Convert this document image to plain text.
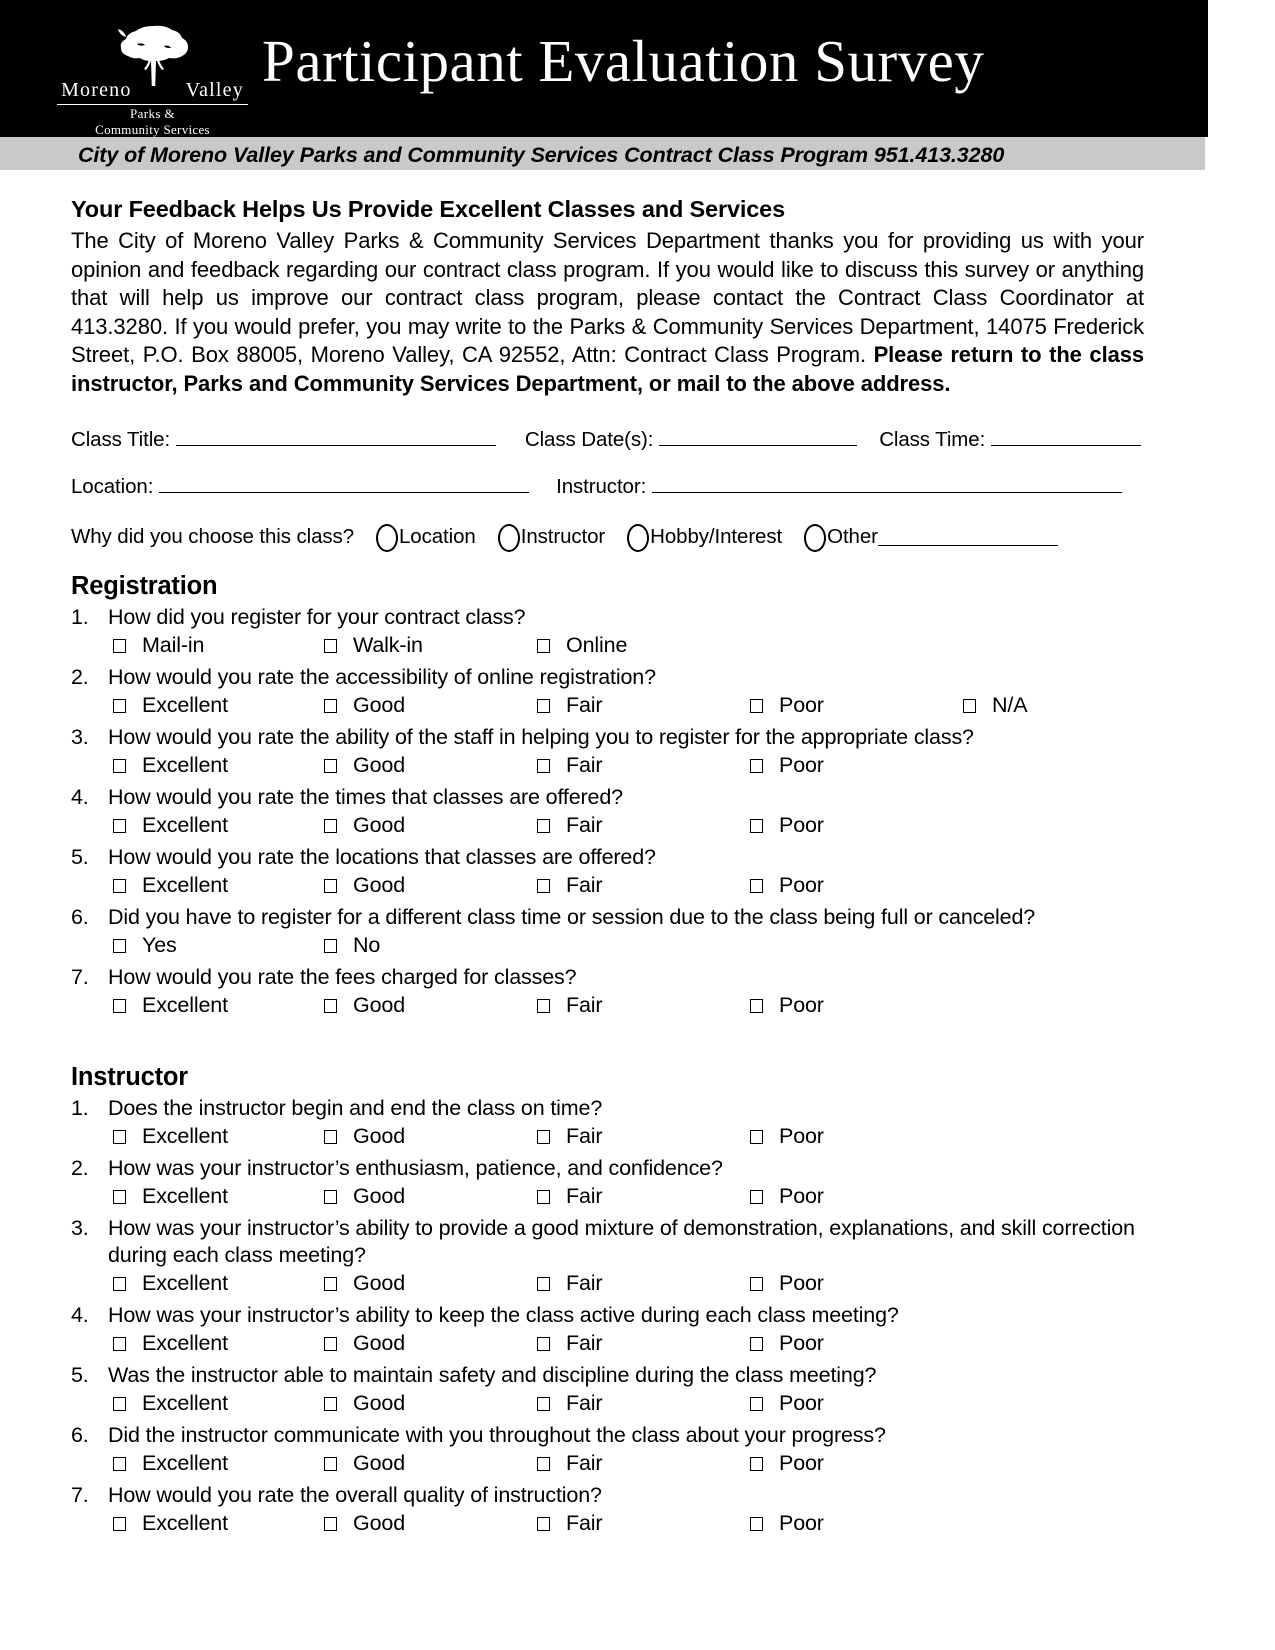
Moreno	Valley
Parks &
Community Services
Participant Evaluation Survey
City of Moreno Valley Parks and Community Services Contract Class Program 951.413.3280
Your Feedback Helps Us Provide Excellent Classes and Services

The City of Moreno Valley Parks & Community Services Department thanks you for providing us with your opinion and feedback regarding our contract class program. If you would like to discuss this survey or anything that will help us improve our contract class program, please contact the Contract Class Coordinator at 413.3280. If you would prefer, you may write to the Parks & Community Services Department, 14075 Frederick Street, P.O. Box 88005, Moreno Valley, CA 92552, Attn: Contract Class Program. Please return to the class instructor, Parks and Community Services Department, or mail to the above address.

Class Title:	Class Date(s):	Class Time:
Location:	Instructor:
Why did you choose this class? Location Instructor Hobby/Interest Other
Registration
1. How did you register for your contract class?
Mail-in	Walk-in	Online
2. How would you rate the accessibility of online registration?
Excellent	Good	Fair	Poor	N/A
3. How would you rate the ability of the staff in helping you to register for the appropriate class?
Excellent	Good	Fair	Poor
4. How would you rate the times that classes are offered?
Excellent	Good	Fair	Poor
5. How would you rate the locations that classes are offered?
Excellent	Good	Fair	Poor
6. Did you have to register for a different class time or session due to the class being full or canceled?
Yes	No
7. How would you rate the fees charged for classes?
Excellent	Good	Fair	Poor
Instructor
1. Does the instructor begin and end the class on time?
Excellent	Good	Fair	Poor
2. How was your instructor’s enthusiasm, patience, and confidence?
Excellent	Good	Fair	Poor
3. How was your instructor’s ability to provide a good mixture of demonstration, explanations, and skill correction during each class meeting?
Excellent	Good	Fair	Poor
4. How was your instructor’s ability to keep the class active during each class meeting?
Excellent	Good	Fair	Poor
5. Was the instructor able to maintain safety and discipline during the class meeting?
Excellent	Good	Fair	Poor
6. Did the instructor communicate with you throughout the class about your progress?
Excellent	Good	Fair	Poor
7. How would you rate the overall quality of instruction?
Excellent	Good	Fair	Poor
